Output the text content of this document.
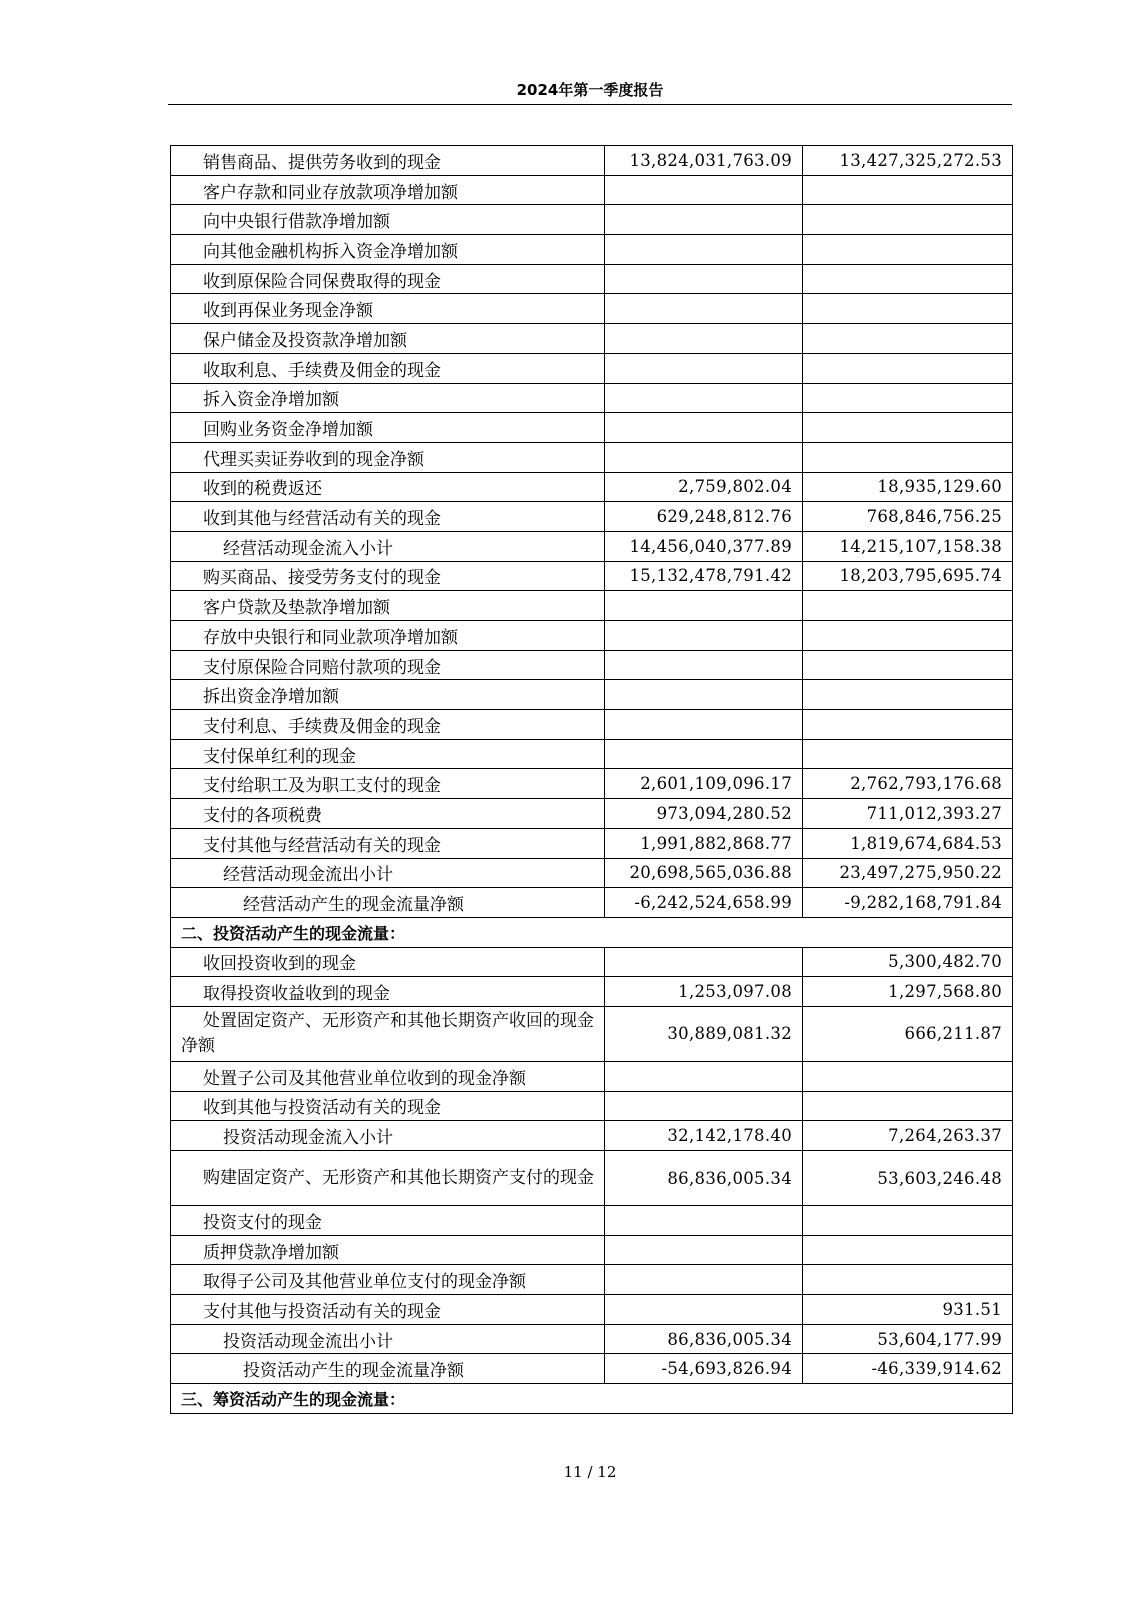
2024年第一季度报告
销售商品、提供劳务收到的现金	13,824,031,763.09	13,427,325,272.53
客户存款和同业存放款项净增加额		
向中央银行借款净增加额		
向其他金融机构拆入资金净增加额		
收到原保险合同保费取得的现金		
收到再保业务现金净额		
保户储金及投资款净增加额		
收取利息、手续费及佣金的现金		
拆入资金净增加额		
回购业务资金净增加额		
代理买卖证券收到的现金净额		
收到的税费返还	2,759,802.04	18,935,129.60
收到其他与经营活动有关的现金	629,248,812.76	768,846,756.25
经营活动现金流入小计	14,456,040,377.89	14,215,107,158.38
购买商品、接受劳务支付的现金	15,132,478,791.42	18,203,795,695.74
客户贷款及垫款净增加额		
存放中央银行和同业款项净增加额		
支付原保险合同赔付款项的现金		
拆出资金净增加额		
支付利息、手续费及佣金的现金		
支付保单红利的现金		
支付给职工及为职工支付的现金	2,601,109,096.17	2,762,793,176.68
支付的各项税费	973,094,280.52	711,012,393.27
支付其他与经营活动有关的现金	1,991,882,868.77	1,819,674,684.53
经营活动现金流出小计	20,698,565,036.88	23,497,275,950.22
经营活动产生的现金流量净额	-6,242,524,658.99	-9,282,168,791.84
二、投资活动产生的现金流量：		
收回投资收到的现金		5,300,482.70
取得投资收益收到的现金	1,253,097.08	1,297,568.80
处置固定资产、无形资产和其他长期资产收回的现金净额	30,889,081.32	666,211.87
处置子公司及其他营业单位收到的现金净额		
收到其他与投资活动有关的现金		
投资活动现金流入小计	32,142,178.40	7,264,263.37
购建固定资产、无形资产和其他长期资产支付的现金	86,836,005.34	53,603,246.48
投资支付的现金		
质押贷款净增加额		
取得子公司及其他营业单位支付的现金净额		
支付其他与投资活动有关的现金		931.51
投资活动现金流出小计	86,836,005.34	53,604,177.99
投资活动产生的现金流量净额	-54,693,826.94	-46,339,914.62
三、筹资活动产生的现金流量：		
11 / 12
